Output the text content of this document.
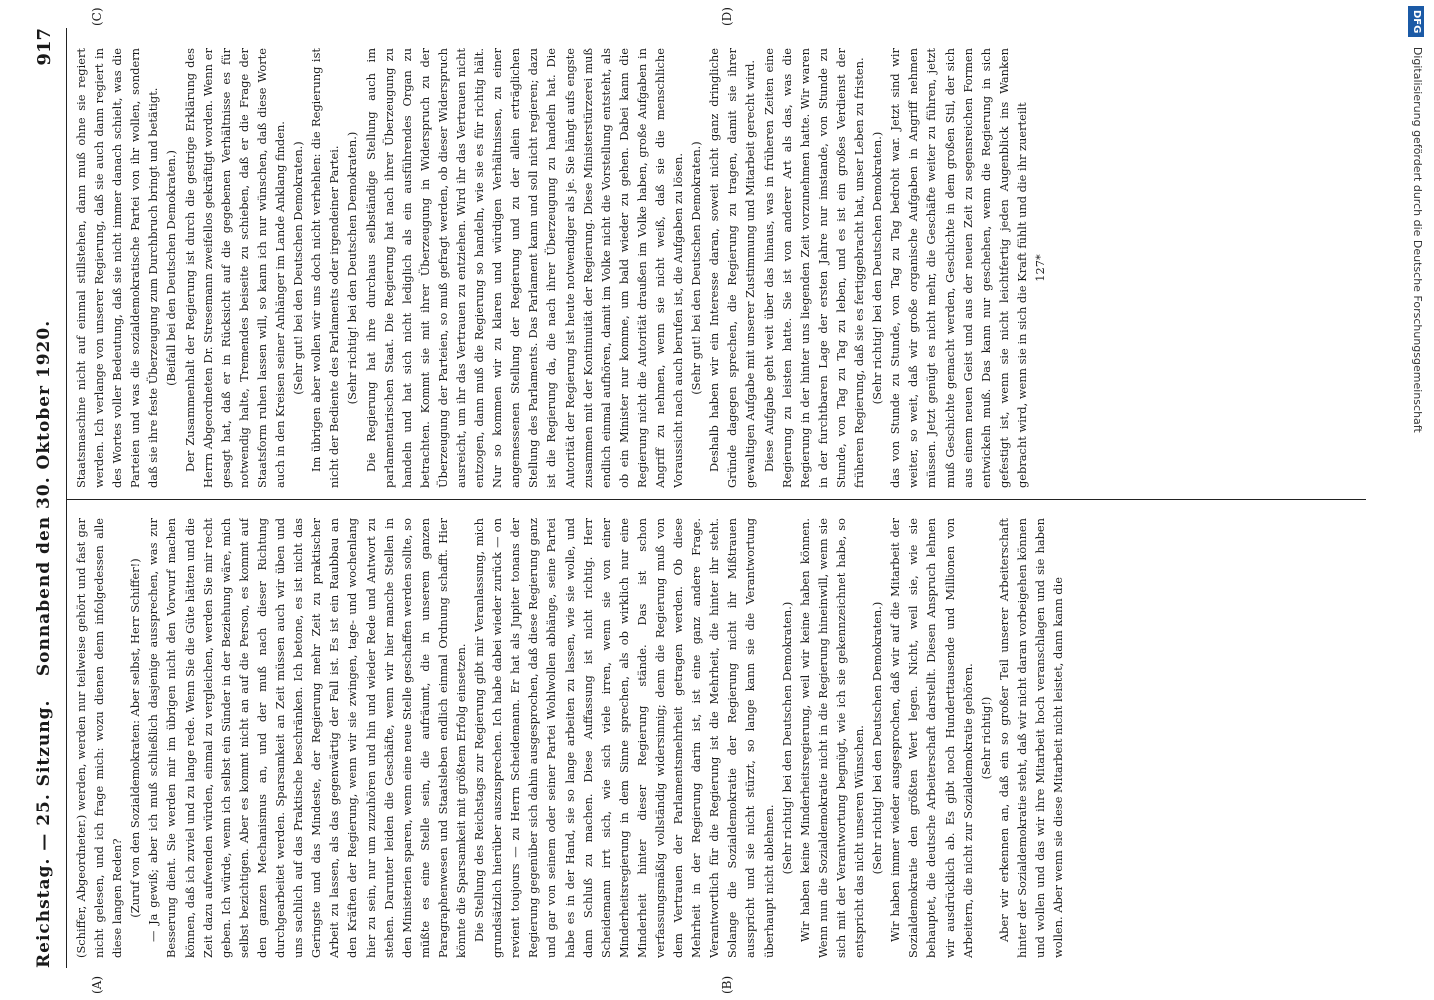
Reichstag. — 25. Sitzung.
Sonnabend den 30. Oktober 1920.
917
(A)	(B)
(C)	(D)

(Schiffer, Abgeordneter.) werden, werden nur teilweise gehört und fast gar nicht gelesen, und ich frage mich: wozu dienen denn infolgedessen alle diese langen Reden? (Zuruf von den Sozialdemokraten: Aber selbst, Herr Schiffer!) — Ja gewiß; aber ich muß schließlich dasjenige aussprechen, was zur Besserung dient. Sie werden mir im übrigen nicht den Vorwurf machen können, daß ich zuviel und zu lange rede. Wenn Sie die Güte hätten und die Zeit dazu aufwenden würden, einmal zu vergleichen, werden Sie mir recht geben. Ich würde, wenn ich selbst ein Sünder in der Beziehung wäre, mich selbst bezichtigen. Aber es kommt nicht an auf die Person, es kommt auf den ganzen Mechanismus an, und der muß nach dieser Richtung durchgearbeitet werden. Sparsamkeit an Zeit müssen auch wir üben und uns sachlich auf das Praktische beschränken. Ich betone, es ist nicht das Geringste und das Mindeste, der Regierung mehr Zeit zu praktischer Arbeit zu lassen, als das gegenwärtig der Fall ist. Es ist ein Raubbau an den Kräften der Regierung, wenn wir sie zwingen, tage- und wochenlang hier zu sein, nur um zuzuhören und hin und wieder Rede und Antwort zu stehen. Darunter leiden die Geschäfte, wenn wir hier manche Stellen in den Ministerien sparen, wenn eine neue Stelle geschaffen werden sollte, so müßte es eine Stelle sein, die aufräumt, die in unserem ganzen Paragraphenwesen und Staatsleben endlich einmal Ordnung schafft. Hier könnte die Sparsamkeit mit größtem Erfolg einsetzen. Die Stellung des Reichstags zur Regierung gibt mir Veranlassung, mich grundsätzlich hierüber auszusprechen. Ich habe dabei wieder zurück — on revient toujours — zu Herrn Scheidemann. Er hat als Jupiter tonans der Regierung gegenüber sich dahin ausgesprochen, daß diese Regierung ganz und gar von seinem oder seiner Partei Wohlwollen abhänge, seine Partei habe es in der Hand, sie so lange arbeiten zu lassen, wie sie wolle, und dann Schluß zu machen. Diese Auffassung ist nicht richtig. Herr Scheidemann irrt sich, wie sich viele irren, wenn sie von einer Minderheitsregierung in dem Sinne sprechen, als ob wirklich nur eine Minderheit hinter dieser Regierung stände. Das ist schon verfassungsmäßig vollständig widersinnig; denn die Regierung muß von dem Vertrauen der Parlamentsmehrheit getragen werden. Ob diese Mehrheit in der Regierung darin ist, ist eine ganz andere Frage. Verantwortlich für die Regierung ist die Mehrheit, die hinter ihr steht. Solange die Sozialdemokratie der Regierung nicht ihr Mißtrauen ausspricht und sie nicht stürzt, so lange kann sie die Verantwortung überhaupt nicht ablehnen.

(Sehr richtig! bei den Deutschen Demokraten.) Wir haben keine Minderheitsregierung, weil wir keine haben können. Wenn nun die Sozialdemokratie nicht in die Regierung hineinwill, wenn sie sich mit der Verantwortung begnügt, wie ich sie gekennzeichnet habe, so entspricht das nicht unseren Wünschen. (Sehr richtig! bei den Deutschen Demokraten.) Wir haben immer wieder ausgesprochen, daß wir auf die Mitarbeit der Sozialdemokratie den größten Wert legen. Nicht, weil sie, wie sie behauptet, die deutsche Arbeiterschaft darstellt. Diesen Anspruch lehnen wir ausdrücklich ab. Es gibt noch Hunderttausende und Millionen von Arbeitern, die nicht zur Sozialdemokratie gehören. (Sehr richtig!) Aber wir erkennen an, daß ein so großer Teil unserer Arbeiterschaft hinter der Sozialdemokratie steht, daß wir nicht daran vorbeigehen können und wollen und das wir ihre Mitarbeit hoch veranschlagen und sie haben wollen. Aber wenn sie diese Mitarbeit nicht leistet, dann kann die

Staatsmaschine nicht auf einmal stillstehen, dann muß ohne sie regiert werden. Ich verlange von unserer Regierung, daß sie auch dann regiert in des Wortes voller Bedeutung, daß sie nicht immer danach schielt, was die Parteien und was die sozialdemokratische Partei von ihr wollen, sondern daß sie ihre feste Überzeugung zum Durchbruch bringt und betätigt. (Beifall bei den Deutschen Demokraten.) Der Zusammenhalt der Regierung ist durch die gestrige Erklärung des Herrn Abgeordneten Dr. Stresemann zweifellos gekräftigt worden. Wenn er gesagt hat, daß er in Rücksicht auf die gegebenen Verhältnisse es für notwendig halte, Tremendes beiseite zu schieben, daß er die Frage der Staatsform ruhen lassen will, so kann ich nur wünschen, daß diese Worte auch in den Kreisen seiner Anhänger im Lande Anklang finden. (Sehr gut! bei den Deutschen Demokraten.) Im übrigen aber wollen wir uns doch nicht verhehlen: die Regierung ist nicht der Bediente des Parlaments oder irgendeiner Partei. (Sehr richtig! bei den Deutschen Demokraten.) Die Regierung hat ihre durchaus selbständige Stellung auch im parlamentarischen Staat. Die Regierung hat nach ihrer Überzeugung zu handeln und hat sich nicht lediglich als ein ausführendes Organ zu betrachten. Kommt sie mit ihrer Überzeugung in Widerspruch zu der Überzeugung der Parteien, so muß gefragt werden, ob dieser Widerspruch ausreicht, um ihr das Vertrauen zu entziehen. Wird ihr das Vertrauen nicht entzogen, dann muß die Regierung so handeln, wie sie es für richtig hält. Nur so kommen wir zu klaren und würdigen Verhältnissen, zu einer angemessenen Stellung der Regierung und zu der allein erträglichen Stellung des Parlaments. Das Parlament kann und soll nicht regieren; dazu ist die Regierung da, die nach ihrer Überzeugung zu handeln hat. Die Autorität der Regierung ist heute notwendiger als je. Sie hängt aufs engste zusammen mit der Kontinuität der Regierung. Diese Ministerstürzerei muß endlich einmal aufhören, damit im Volke nicht die Vorstellung entsteht, als ob ein Minister nur komme, um bald wieder zu gehen. Dabei kann die Regierung nicht die Autorität draußen im Volke haben, große Aufgaben in Angriff zu nehmen, wenn sie nicht weiß, daß sie die menschliche Voraussicht nach auch berufen ist, die Aufgaben zu lösen. (Sehr gut! bei den Deutschen Demokraten.) Deshalb haben wir ein Interesse daran, soweit nicht ganz dringliche Gründe dagegen sprechen, die Regierung zu tragen, damit sie ihrer gewaltigen Aufgabe mit unserer Zustimmung und Mitarbeit gerecht wird. Diese Aufgabe geht weit über das hinaus, was in früheren Zeiten eine Regierung zu leisten hatte. Sie ist von anderer Art als das, was die Regierung in der hinter uns liegenden Zeit vorzunehmen hatte. Wir waren in der furchtbaren Lage der ersten Jahre nur imstande, von Stunde zu Stunde, von Tag zu Tag zu leben, und es ist ein großes Verdienst der früheren Regierung, daß sie es fertiggebracht hat, unser Leben zu fristen. (Sehr richtig! bei den Deutschen Demokraten.) das von Stunde zu Stunde, von Tag zu Tag bedroht war. Jetzt sind wir weiter, so weit, daß wir große organische Aufgaben in Angriff nehmen müssen. Jetzt genügt es nicht mehr, die Geschäfte weiter zu führen, jetzt muß Geschichte gemacht werden, Geschichte in dem großen Stil, der sich aus einem neuen Geist und aus der neuen Zeit zu segensreichen Formen entwickeln muß. Das kann nur geschehen, wenn die Regierung in sich gefestigt ist, wenn sie nicht leichtfertig jeden Augenblick ins Wanken gebracht wird, wenn sie in sich die Kraft fühlt und die ihr zuerteilt 127*

DFG Digitalisierung gefördert durch die Deutsche Forschungsgemeinschaft
